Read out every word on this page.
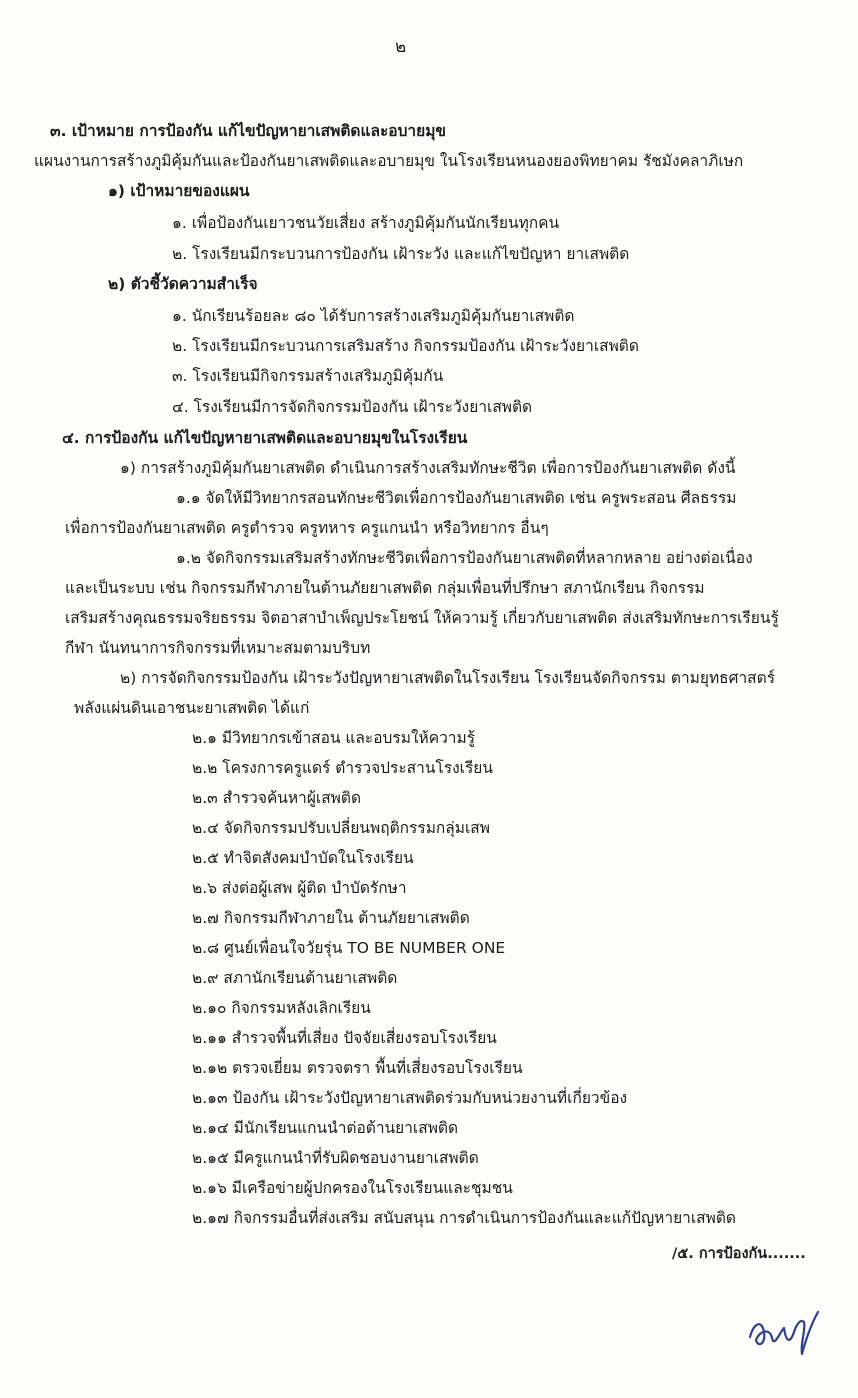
๒
๓. เป้าหมาย การป้องกัน แก้ไขปัญหายาเสพติดและอบายมุข
แผนงานการสร้างภูมิคุ้มกันและป้องกันยาเสพติดและอบายมุข ในโรงเรียนหนองยองพิทยาคม รัชมังคลาภิเษก
๑) เป้าหมายของแผน
๑. เพื่อป้องกันเยาวชนวัยเสี่ยง สร้างภูมิคุ้มกันนักเรียนทุกคน
๒. โรงเรียนมีกระบวนการป้องกัน เฝ้าระวัง และแก้ไขปัญหา ยาเสพติด
๒) ตัวชี้วัดความสำเร็จ
๑. นักเรียนร้อยละ ๘๐ ได้รับการสร้างเสริมภูมิคุ้มกันยาเสพติด
๒. โรงเรียนมีกระบวนการเสริมสร้าง กิจกรรมป้องกัน เฝ้าระวังยาเสพติด
๓. โรงเรียนมีกิจกรรมสร้างเสริมภูมิคุ้มกัน
๔. โรงเรียนมีการจัดกิจกรรมป้องกัน เฝ้าระวังยาเสพติด
๔. การป้องกัน แก้ไขปัญหายาเสพติดและอบายมุขในโรงเรียน
๑) การสร้างภูมิคุ้มกันยาเสพติด ดำเนินการสร้างเสริมทักษะชีวิต เพื่อการป้องกันยาเสพติด ดังนี้
๑.๑ จัดให้มีวิทยากรสอนทักษะชีวิตเพื่อการป้องกันยาเสพติด เช่น ครูพระสอน ศีลธรรม
เพื่อการป้องกันยาเสพติด ครูตำรวจ ครูทหาร ครูแกนนำ หรือวิทยากร อื่นๆ
๑.๒ จัดกิจกรรมเสริมสร้างทักษะชีวิตเพื่อการป้องกันยาเสพติดที่หลากหลาย อย่างต่อเนื่อง
และเป็นระบบ เช่น กิจกรรมกีฬาภายในต้านภัยยาเสพติด กลุ่มเพื่อนที่ปรึกษา สภานักเรียน กิจกรรม
เสริมสร้างคุณธรรมจริยธรรม จิตอาสาบำเพ็ญประโยชน์ ให้ความรู้ เกี่ยวกับยาเสพติด ส่งเสริมทักษะการเรียนรู้
กีฬา นันทนาการกิจกรรมที่เหมาะสมตามบริบท
๒) การจัดกิจกรรมป้องกัน เฝ้าระวังปัญหายาเสพติดในโรงเรียน โรงเรียนจัดกิจกรรม ตามยุทธศาสตร์
พลังแผ่นดินเอาชนะยาเสพติด ได้แก่
๒.๑ มีวิทยากรเข้าสอน และอบรมให้ความรู้
๒.๒ โครงการครูแดร์ ตำรวจประสานโรงเรียน
๒.๓ สำรวจค้นหาผู้เสพติด
๒.๔ จัดกิจกรรมปรับเปลี่ยนพฤติกรรมกลุ่มเสพ
๒.๕ ทำจิตสังคมบำบัดในโรงเรียน
๒.๖ ส่งต่อผู้เสพ ผู้ติด บำบัดรักษา
๒.๗ กิจกรรมกีฬาภายใน ต้านภัยยาเสพติด
๒.๘ ศูนย์เพื่อนใจวัยรุ่น TO BE NUMBER ONE
๒.๙ สภานักเรียนต้านยาเสพติด
๒.๑๐ กิจกรรมหลังเลิกเรียน
๒.๑๑ สำรวจพื้นที่เสี่ยง ปัจจัยเสี่ยงรอบโรงเรียน
๒.๑๒ ตรวจเยี่ยม ตรวจตรา พื้นที่เสี่ยงรอบโรงเรียน
๒.๑๓ ป้องกัน เฝ้าระวังปัญหายาเสพติดร่วมกับหน่วยงานที่เกี่ยวข้อง
๒.๑๔ มีนักเรียนแกนนำต่อต้านยาเสพติด
๒.๑๕ มีครูแกนนำที่รับผิดชอบงานยาเสพติด
๒.๑๖ มีเครือข่ายผู้ปกครองในโรงเรียนและชุมชน
๒.๑๗ กิจกรรมอื่นที่ส่งเสริม สนับสนุน การดำเนินการป้องกันและแก้ปัญหายาเสพติด
/๕. การป้องกัน.......
